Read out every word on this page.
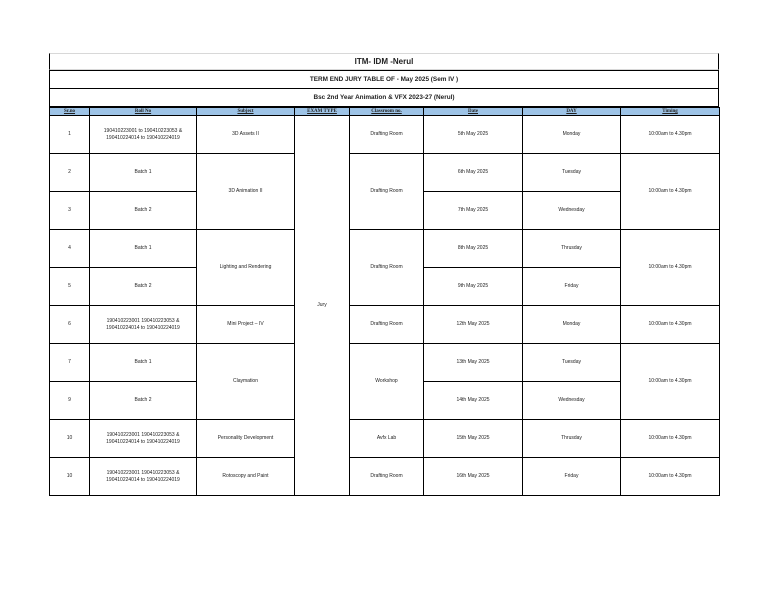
ITM- IDM -Nerul
TERM END JURY TABLE OF - May 2025 (Sem IV )
Bsc 2nd Year Animation & VFX 2023-27 (Nerul)
Sr.no	Roll No	Subject	EXAM TYPE	Classroom no.	Date	DAY	Timing
1	190410223001 to 190410223053 & 190410224014 to 190410224019	3D Assets II	Jury	Drafting Room	5th May 2025	Monday	10:00am to 4.30pm
2	Batch 1	3D Animation II		Drafting Room	6th May 2025	Tuesday	10:00am to 4.30pm
3	Batch 2				7th May 2025	Wednesday	
4	Batch 1	Lighting and Rendering		Drafting Room	8th May 2025	Thrusday	10:00am to 4.30pm
5	Batch 2				9th May 2025	Friday	
6	190410223001 190410223053 & 190410224014 to 190410224019	Mini Project – IV		Drafting Room	12th May 2025	Monday	10:00am to 4.30pm
7	Batch 1	Claymation		Workshop	13th May 2025	Tuesday	10:00am to 4.30pm
9	Batch 2				14th May 2025	Wednesday	
10	190410223001 190410223053 & 190410224014 to 190410224019	Personality Development		Avfx Lab	15th May 2025	Thrusday	10:00am to 4.30pm
10	190410223001 190410223053 & 190410224014 to 190410224019	Rotoscopy and Paint		Drafting Room	16th May 2025	Friday	10:00am to 4.30pm
